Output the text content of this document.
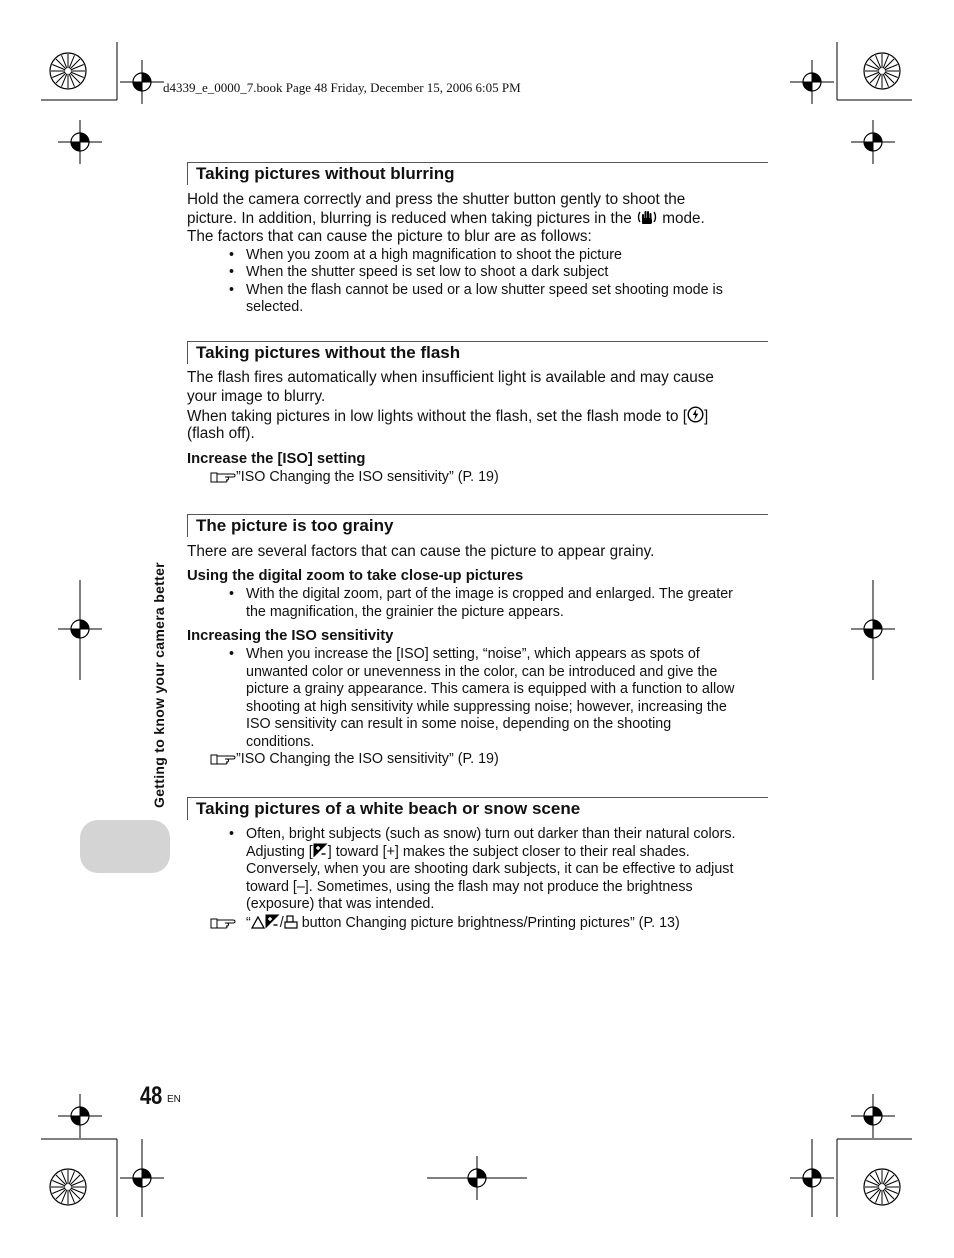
d4339_e_0000_7.book Page 48 Friday, December 15, 2006 6:05 PM
Getting to know your camera better
Taking pictures without blurring
Hold the camera correctly and press the shutter button gently to shoot the
picture. In addition, blurring is reduced when taking pictures in the  mode.
The factors that can cause the picture to blur are as follows:
• When you zoom at a high magnification to shoot the picture
• When the shutter speed is set low to shoot a dark subject
• When the flash cannot be used or a low shutter speed set shooting mode is
selected.
Taking pictures without the flash
The flash fires automatically when insufficient light is available and may cause
your image to blurry.
When taking pictures in low lights without the flash, set the flash mode to [ ]
(flash off).
Increase the [ISO] setting
”ISO Changing the ISO sensitivity” (P. 19)
The picture is too grainy
There are several factors that can cause the picture to appear grainy.
Using the digital zoom to take close-up pictures
• With the digital zoom, part of the image is cropped and enlarged. The greater
the magnification, the grainier the picture appears.
Increasing the ISO sensitivity
• When you increase the [ISO] setting, “noise”, which appears as spots of
unwanted color or unevenness in the color, can be introduced and give the
picture a grainy appearance. This camera is equipped with a function to allow
shooting at high sensitivity while suppressing noise; however, increasing the
ISO sensitivity can result in some noise, depending on the shooting
conditions.
”ISO Changing the ISO sensitivity” (P. 19)
Taking pictures of a white beach or snow scene
• Often, bright subjects (such as snow) turn out darker than their natural colors.
Adjusting [ ] toward [+] makes the subject closer to their real shades.
Conversely, when you are shooting dark subjects, it can be effective to adjust
toward [–]. Sometimes, using the flash may not produce the brightness
(exposure) that was intended.
“ / button Changing picture brightness/Printing pictures” (P. 13)
48 EN
